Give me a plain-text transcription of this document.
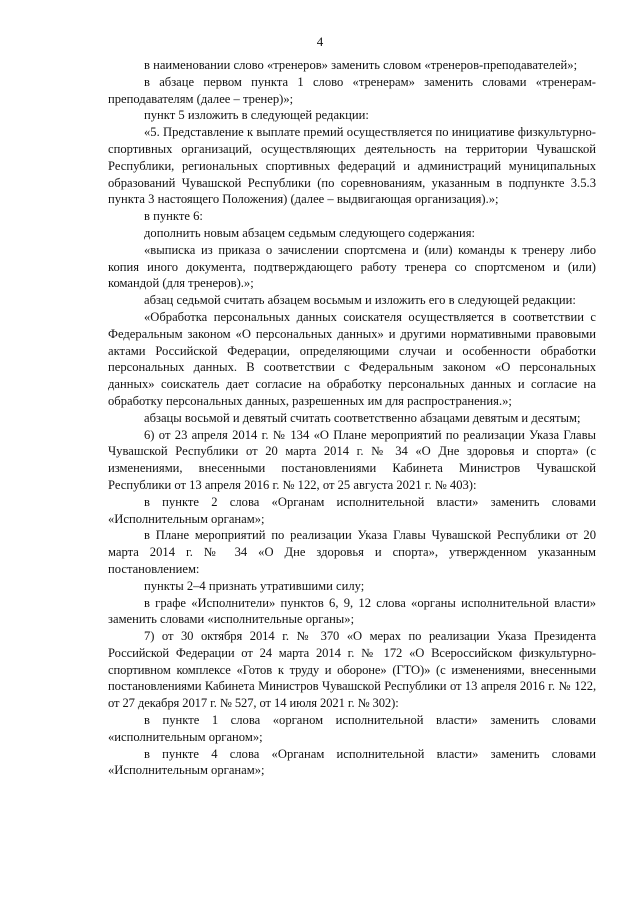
4

в наименовании слово «тренеров» заменить словом «тренеров-преподавателей»;

в абзаце первом пункта 1 слово «тренерам» заменить словами «тренерам-преподавателям (далее – тренер)»;

пункт 5 изложить в следующей редакции:

«5. Представление к выплате премий осуществляется по инициативе физкультурно-спортивных организаций, осуществляющих деятельность на территории Чувашской Республики, региональных спортивных федераций и администраций муниципальных образований Чувашской Республики (по соревнованиям, указанным в подпункте 3.5.3 пункта 3 настоящего Положения) (далее – выдвигающая организация).»;

в пункте 6:

дополнить новым абзацем седьмым следующего содержания:

«выписка из приказа о зачислении спортсмена и (или) команды к тренеру либо копия иного документа, подтверждающего работу тренера со спортсменом и (или) командой (для тренеров).»;

абзац седьмой считать абзацем восьмым и изложить его в следующей редакции:

«Обработка персональных данных соискателя осуществляется в соответствии с Федеральным законом «О персональных данных» и другими нормативными правовыми актами Российской Федерации, определяющими случаи и особенности обработки персональных данных. В соответствии с Федеральным законом «О персональных данных» соискатель дает согласие на обработку персональных данных и согласие на обработку персональных данных, разрешенных им для распространения.»;

абзацы восьмой и девятый считать соответственно абзацами девятым и десятым;

6) от 23 апреля 2014 г. № 134 «О Плане мероприятий по реализации Указа Главы Чувашской Республики от 20 марта 2014 г. № 34 «О Дне здоровья и спорта» (с изменениями, внесенными постановлениями Кабинета Министров Чувашской Республики от 13 апреля 2016 г. № 122, от 25 августа 2021 г. № 403):

в пункте 2 слова «Органам исполнительной власти» заменить словами «Исполнительным органам»;

в Плане мероприятий по реализации Указа Главы Чувашской Республики от 20 марта 2014 г. № 34 «О Дне здоровья и спорта», утвержденном указанным постановлением:

пункты 2–4 признать утратившими силу;

в графе «Исполнители» пунктов 6, 9, 12 слова «органы исполнительной власти» заменить словами «исполнительные органы»;

7) от 30 октября 2014 г. № 370 «О мерах по реализации Указа Президента Российской Федерации от 24 марта 2014 г. № 172 «О Всероссийском физкультурно-спортивном комплексе «Готов к труду и обороне» (ГТО)» (с изменениями, внесенными постановлениями Кабинета Министров Чувашской Республики от 13 апреля 2016 г. № 122, от 27 декабря 2017 г. № 527, от 14 июля 2021 г. № 302):

в пункте 1 слова «органом исполнительной власти» заменить словами «исполнительным органом»;

в пункте 4 слова «Органам исполнительной власти» заменить словами «Исполнительным органам»;
